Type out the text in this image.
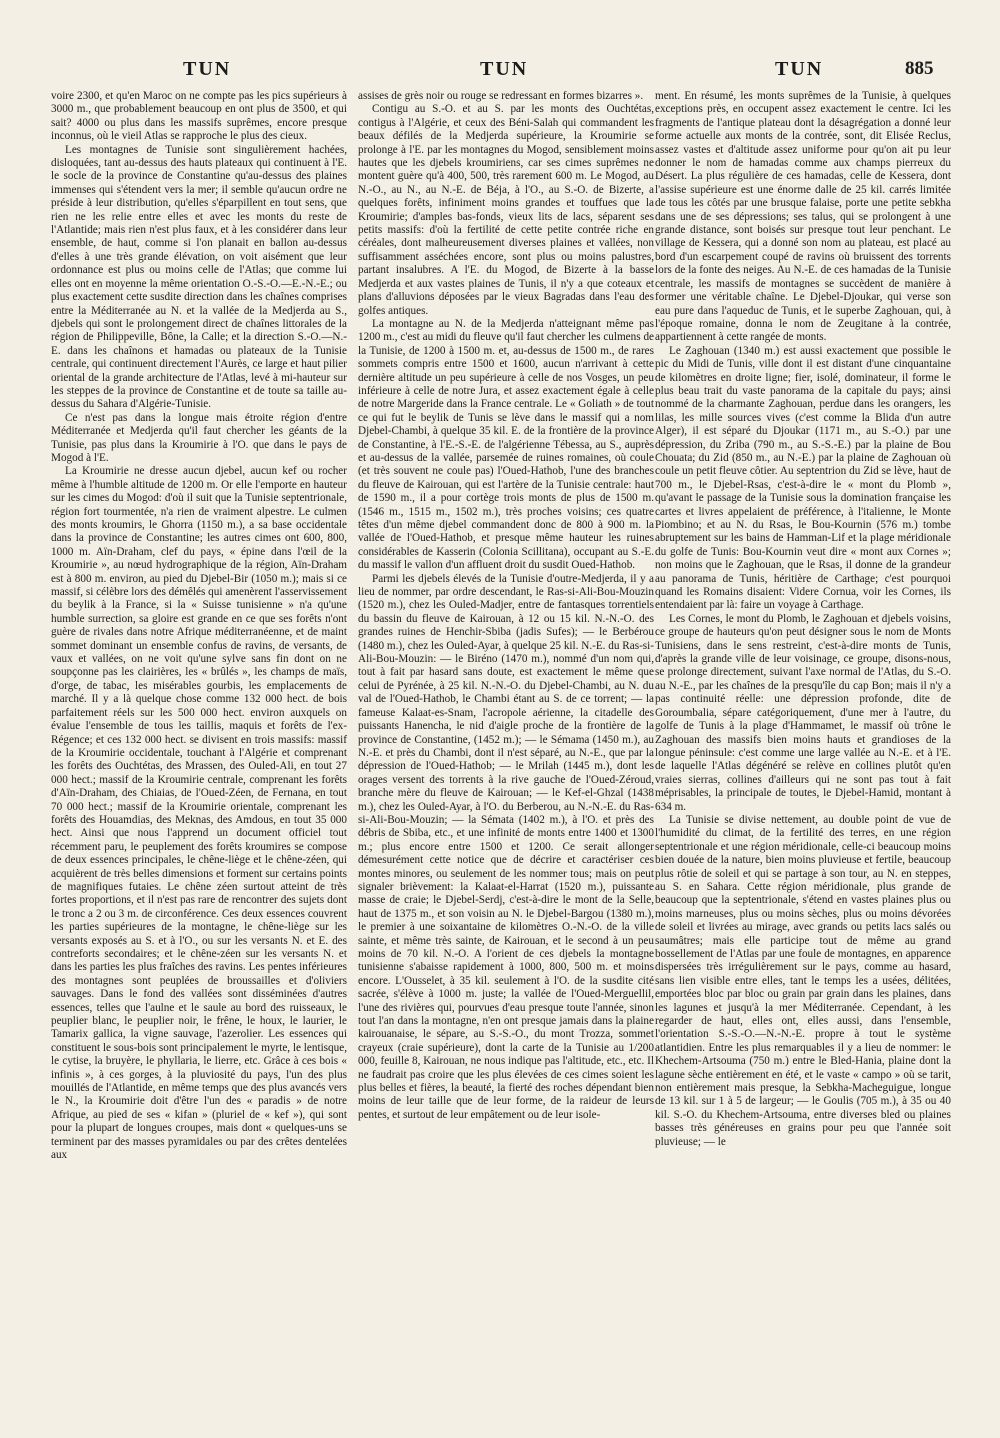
TUN	TUN	TUN	885

voire 2300, et qu'en Maroc on ne compte pas les pics supérieurs à 3000 m., que probablement beaucoup en ont plus de 3500, et qui sait? 4000 ou plus dans les massifs suprêmes, encore presque inconnus, où le vieil Atlas se rapproche le plus des cieux.

Les montagnes de Tunisie sont singulièrement hachées, disloquées, tant au-dessus des hauts plateaux qui continuent à l'E. le socle de la province de Constantine qu'au-dessus des plaines immenses qui s'étendent vers la mer; il semble qu'aucun ordre ne préside à leur distribution, qu'elles s'éparpillent en tout sens, que rien ne les relie entre elles et avec les monts du reste de l'Atlantide; mais rien n'est plus faux, et à les considérer dans leur ensemble, de haut, comme si l'on planait en ballon au-dessus d'elles à une très grande élévation, on voit aisément que leur ordonnance est plus ou moins celle de l'Atlas; que comme lui elles ont en moyenne la même orientation O.-S.-O.—E.-N.-E.; ou plus exactement cette susdite direction dans les chaînes comprises entre la Méditerranée au N. et la vallée de la Medjerda au S., djebels qui sont le prolongement direct de chaînes littorales de la région de Philippeville, Bône, la Calle; et la direction S.-O.—N.-E. dans les chaînons et hamadas ou plateaux de la Tunisie centrale, qui continuent directement l'Aurès, ce large et haut pilier oriental de la grande architecture de l'Atlas, levé à mi-hauteur sur les steppes de la province de Constantine et de toute sa taille au-dessus du Sahara d'Algérie-Tunisie.

Ce n'est pas dans la longue mais étroite région d'entre Méditerranée et Medjerda qu'il faut chercher les géants de la Tunisie, pas plus dans la Kroumirie à l'O. que dans le pays de Mogod à l'E.

La Kroumirie ne dresse aucun djebel, aucun kef ou rocher même à l'humble altitude de 1200 m. Or elle l'emporte en hauteur sur les cimes du Mogod: d'où il suit que la Tunisie septentrionale, région fort tourmentée, n'a rien de vraiment alpestre. Le culmen des monts kroumirs, le Ghorra (1150 m.), a sa base occidentale dans la province de Constantine; les autres cimes ont 600, 800, 1000 m. Aïn-Draham, clef du pays, « épine dans l'œil de la Kroumirie », au nœud hydrographique de la région, Aïn-Draham est à 800 m. environ, au pied du Djebel-Bir (1050 m.); mais si ce massif, si célèbre lors des démêlés qui amenèrent l'asservissement du beylik à la France, si la « Suisse tunisienne » n'a qu'une humble surrection, sa gloire est grande en ce que ses forêts n'ont guère de rivales dans notre Afrique méditerranéenne, et de maint sommet dominant un ensemble confus de ravins, de versants, de vaux et vallées, on ne voit qu'une sylve sans fin dont on ne soupçonne pas les clairières, les « brûlés », les champs de maïs, d'orge, de tabac, les misérables gourbis, les emplacements de marché. Il y a là quelque chose comme 132 000 hect. de bois parfaitement réels sur les 500 000 hect. environ auxquels on évalue l'ensemble de tous les taillis, maquis et forêts de l'ex-Régence; et ces 132 000 hect. se divisent en trois massifs: massif de la Kroumirie occidentale, touchant à l'Algérie et comprenant les forêts des Ouchtétas, des Mrassen, des Ouled-Ali, en tout 27 000 hect.; massif de la Kroumirie centrale, comprenant les forêts d'Aïn-Draham, des Chiaias, de l'Oued-Zéen, de Fernana, en tout 70 000 hect.; massif de la Kroumirie orientale, comprenant les forêts des Houamdias, des Meknas, des Amdous, en tout 35 000 hect. Ainsi que nous l'apprend un document officiel tout récemment paru, le peuplement des forêts kroumires se compose de deux essences principales, le chêne-liège et le chêne-zéen, qui acquièrent de très belles dimensions et forment sur certains points de magnifiques futaies. Le chêne zéen surtout atteint de très fortes proportions, et il n'est pas rare de rencontrer des sujets dont le tronc a 2 ou 3 m. de circonférence. Ces deux essences couvrent les parties supérieures de la montagne, le chêne-liège sur les versants exposés au S. et à l'O., ou sur les versants N. et E. des contreforts secondaires; et le chêne-zéen sur les versants N. et dans les parties les plus fraîches des ravins. Les pentes inférieures des montagnes sont peuplées de broussailles et d'oliviers sauvages. Dans le fond des vallées sont disséminées d'autres essences, telles que l'aulne et le saule au bord des ruisseaux, le peuplier blanc, le peuplier noir, le frêne, le houx, le laurier, le Tamarix gallica, la vigne sauvage, l'azerolier. Les essences qui constituent le sous-bois sont principalement le myrte, le lentisque, le cytise, la bruyère, le phyllaria, le lierre, etc. Grâce à ces bois « infinis », à ces gorges, à la pluviosité du pays, l'un des plus mouillés de l'Atlantide, en même temps que des plus avancés vers le N., la Kroumirie doit d'être l'un des « paradis » de notre Afrique, au pied de ses « kifan » (pluriel de « kef »), qui sont pour la plupart de longues croupes, mais dont « quelques-uns se terminent par des masses pyramidales ou par des crêtes dentelées aux

assises de grès noir ou rouge se redressant en formes bizarres ».

Contigu au S.-O. et au S. par les monts des Ouchtétas, contigus à l'Algérie, et ceux des Béni-Salah qui commandent les beaux défilés de la Medjerda supérieure, la Kroumirie se prolonge à l'E. par les montagnes du Mogod, sensiblement moins hautes que les djebels kroumiriens, car ses cimes suprêmes ne montent guère qu'à 400, 500, très rarement 600 m. Le Mogod, au N.-O., au N., au N.-E. de Béja, à l'O., au S.-O. de Bizerte, a quelques forêts, infiniment moins grandes et touffues que la Kroumirie; d'amples bas-fonds, vieux lits de lacs, séparent ses petits massifs: d'où la fertilité de cette petite contrée riche en céréales, dont malheureusement diverses plaines et vallées, non suffisamment asséchées encore, sont plus ou moins palustres, partant insalubres. A l'E. du Mogod, de Bizerte à la basse Medjerda et aux vastes plaines de Tunis, il n'y a que coteaux et plans d'alluvions déposées par le vieux Bagradas dans l'eau des golfes antiques.

La montagne au N. de la Medjerda n'atteignant même pas 1200 m., c'est au midi du fleuve qu'il faut chercher les culmens de la Tunisie, de 1200 à 1500 m. et, au-dessus de 1500 m., de rares sommets compris entre 1500 et 1600, aucun n'arrivant à cette dernière altitude un peu supérieure à celle de nos Vosges, un peu inférieure à celle de notre Jura, et assez exactement égale à celle de notre Margeride dans la France centrale. Le « Goliath » de tout ce qui fut le beylik de Tunis se lève dans le massif qui a nom Djebel-Chambi, à quelque 35 kil. E. de la frontière de la province de Constantine, à l'E.-S.-E. de l'algérienne Tébessa, au S., auprès et au-dessus de la vallée, parsemée de ruines romaines, où coule (et très souvent ne coule pas) l'Oued-Hathob, l'une des branches du fleuve de Kairouan, qui est l'artère de la Tunisie centrale: haut de 1590 m., il a pour cortège trois monts de plus de 1500 m. (1546 m., 1515 m., 1502 m.), très proches voisins; ces quatre têtes d'un même djebel commandent donc de 800 à 900 m. la vallée de l'Oued-Hathob, et presque même hauteur les ruines considérables de Kasserin (Colonia Scillitana), occupant au S.-E. du massif le vallon d'un affluent droit du susdit Oued-Hathob.

Parmi les djebels élevés de la Tunisie d'outre-Medjerda, il y a lieu de nommer, par ordre descendant, le Ras-si-Ali-Bou-Mouzin (1520 m.), chez les Ouled-Madjer, entre de fantasques torrentiels du bassin du fleuve de Kairouan, à 12 ou 15 kil. N.-N.-O. des grandes ruines de Henchir-Sbiba (jadis Sufes); — le Berbérou (1480 m.), chez les Ouled-Ayar, à quelque 25 kil. N.-E. du Ras-si-Ali-Bou-Mouzin: — le Biréno (1470 m.), nommé d'un nom qui, tout à fait par hasard sans doute, est exactement le même que celui de Pyrénée, à 25 kil. N.-N.-O. du Djebel-Chambi, au N. du val de l'Oued-Hathob, le Chambi étant au S. de ce torrent; — la fameuse Kalaat-es-Snam, l'acropole aérienne, la citadelle des puissants Hanencha, le nid d'aigle proche de la frontière de la province de Constantine, (1452 m.); — le Sémama (1450 m.), au N.-E. et près du Chambi, dont il n'est séparé, au N.-E., que par la dépression de l'Oued-Hathob; — le Mrilah (1445 m.), dont les orages versent des torrents à la rive gauche de l'Oued-Zéroud, branche mère du fleuve de Kairouan; — le Kef-el-Ghzal (1438 m.), chez les Ouled-Ayar, à l'O. du Berberou, au N.-N.-E. du Ras-si-Ali-Bou-Mouzin; — la Sémata (1402 m.), à l'O. et près des débris de Sbiba, etc., et une infinité de monts entre 1400 et 1300 m.; plus encore entre 1500 et 1200. Ce serait allonger démesurément cette notice que de décrire et caractériser ces montes minores, ou seulement de les nommer tous; mais on peut signaler brièvement: la Kalaat-el-Harrat (1520 m.), puissante masse de craie; le Djebel-Serdj, c'est-à-dire le mont de la Selle, haut de 1375 m., et son voisin au N. le Djebel-Bargou (1380 m.), le premier à une soixantaine de kilomètres O.-N.-O. de la ville sainte, et même très sainte, de Kairouan, et le second à un peu moins de 70 kil. N.-O. A l'orient de ces djebels la montagne tunisienne s'abaisse rapidement à 1000, 800, 500 m. et moins encore. L'Ousselet, à 35 kil. seulement à l'O. de la susdite cité sacrée, s'élève à 1000 m. juste; la vallée de l'Oued-Merguellil, l'une des rivières qui, pourvues d'eau presque toute l'année, sinon tout l'an dans la montagne, n'en ont presque jamais dans la plaine kairouanaise, le sépare, au S.-S.-O., du mont Trozza, sommet crayeux (craie supérieure), dont la carte de la Tunisie au 1/200 000, feuille 8, Kairouan, ne nous indique pas l'altitude, etc., etc. Il ne faudrait pas croire que les plus élevées de ces cimes soient les plus belles et fières, la beauté, la fierté des roches dépendant bien moins de leur taille que de leur forme, de la raideur de leurs pentes, et surtout de leur empâtement ou de leur isole-

ment. En résumé, les monts suprêmes de la Tunisie, à quelques exceptions près, en occupent assez exactement le centre. Ici les fragments de l'antique plateau dont la désagrégation a donné leur forme actuelle aux monts de la contrée, sont, dit Elisée Reclus, assez vastes et d'altitude assez uniforme pour qu'on ait pu leur donner le nom de hamadas comme aux champs pierreux du Désert. La plus régulière de ces hamadas, celle de Kessera, dont l'assise supérieure est une énorme dalle de 25 kil. carrés limitée de tous les côtés par une brusque falaise, porte une petite sebkha dans une de ses dépressions; ses talus, qui se prolongent à une grande distance, sont boisés sur presque tout leur penchant. Le village de Kessera, qui a donné son nom au plateau, est placé au bord d'un escarpement coupé de ravins où bruissent des torrents lors de la fonte des neiges. Au N.-E. de ces hamadas de la Tunisie centrale, les massifs de montagnes se succèdent de manière à former une véritable chaîne. Le Djebel-Djoukar, qui verse son eau pure dans l'aqueduc de Tunis, et le superbe Zaghouan, qui, à l'époque romaine, donna le nom de Zeugitane à la contrée, appartiennent à cette rangée de monts.

Le Zaghouan (1340 m.) est aussi exactement que possible le pic du Midi de Tunis, ville dont il est distant d'une cinquantaine de kilomètres en droite ligne; fier, isolé, dominateur, il forme le plus beau trait du vaste panorama de la capitale du pays; ainsi nommé de la charmante Zaghouan, perdue dans les orangers, les lilas, les mille sources vives (c'est comme la Blida d'un autre Alger), il est séparé du Djoukar (1171 m., au S.-O.) par une dépression, du Zriba (790 m., au S.-S.-E.) par la plaine de Bou Chouata; du Zid (850 m., au N.-E.) par la plaine de Zaghouan où coule un petit fleuve côtier. Au septentrion du Zid se lève, haut de 700 m., le Djebel-Rsas, c'est-à-dire le « mont du Plomb », qu'avant le passage de la Tunisie sous la domination française les cartes et livres appelaient de préférence, à l'italienne, le Monte Piombino; et au N. du Rsas, le Bou-Kournin (576 m.) tombe abruptement sur les bains de Hamman-Lif et la plage méridionale du golfe de Tunis: Bou-Kournin veut dire « mont aux Cornes »; non moins que le Zaghouan, que le Rsas, il donne de la grandeur au panorama de Tunis, héritière de Carthage; c'est pourquoi quand les Romains disaient: Videre Cornua, voir les Cornes, ils entendaient par là: faire un voyage à Carthage.

Les Cornes, le mont du Plomb, le Zaghouan et djebels voisins, ce groupe de hauteurs qu'on peut désigner sous le nom de Monts Tunisiens, dans le sens restreint, c'est-à-dire monts de Tunis, d'après la grande ville de leur voisinage, ce groupe, disons-nous, se prolonge directement, suivant l'axe normal de l'Atlas, du S.-O. au N.-E., par les chaînes de la presqu'île du cap Bon; mais il n'y a pas continuité réelle: une dépression profonde, dite de Goroumbalia, sépare catégoriquement, d'une mer à l'autre, du golfe de Tunis à la plage d'Hammamet, le massif où trône le Zaghouan des massifs bien moins hauts et grandioses de la longue péninsule: c'est comme une large vallée au N.-E. et à l'E. de laquelle l'Atlas dégénéré se relève en collines plutôt qu'en vraies sierras, collines d'ailleurs qui ne sont pas tout à fait méprisables, la principale de toutes, le Djebel-Hamid, montant à 634 m.

La Tunisie se divise nettement, au double point de vue de l'humidité du climat, de la fertilité des terres, en une région septentrionale et une région méridionale, celle-ci beaucoup moins bien douée de la nature, bien moins pluvieuse et fertile, beaucoup plus rôtie de soleil et qui se partage à son tour, au N. en steppes, au S. en Sahara. Cette région méridionale, plus grande de beaucoup que la septentrionale, s'étend en vastes plaines plus ou moins marneuses, plus ou moins sèches, plus ou moins dévorées de soleil et livrées au mirage, avec grands ou petits lacs salés ou saumâtres; mais elle participe tout de même au grand bossellement de l'Atlas par une foule de montagnes, en apparence dispersées très irrégulièrement sur le pays, comme au hasard, sans lien visible entre elles, tant le temps les a usées, délitées, emportées bloc par bloc ou grain par grain dans les plaines, dans les lagunes et jusqu'à la mer Méditerranée. Cependant, à les regarder de haut, elles ont, elles aussi, dans l'ensemble, l'orientation S.-S.-O.—N.-N.-E. propre à tout le système atlantidien. Entre les plus remarquables il y a lieu de nommer: le Khechem-Artsouma (750 m.) entre le Bled-Hania, plaine dont la lagune sèche entièrement en été, et le vaste « campo » où se tarit, non entièrement mais presque, la Sebkha-Macheguigue, longue de 13 kil. sur 1 à 5 de largeur; — le Goulis (705 m.), à 35 ou 40 kil. S.-O. du Khechem-Artsouma, entre diverses bled ou plaines basses très généreuses en grains pour peu que l'année soit pluvieuse; — le
